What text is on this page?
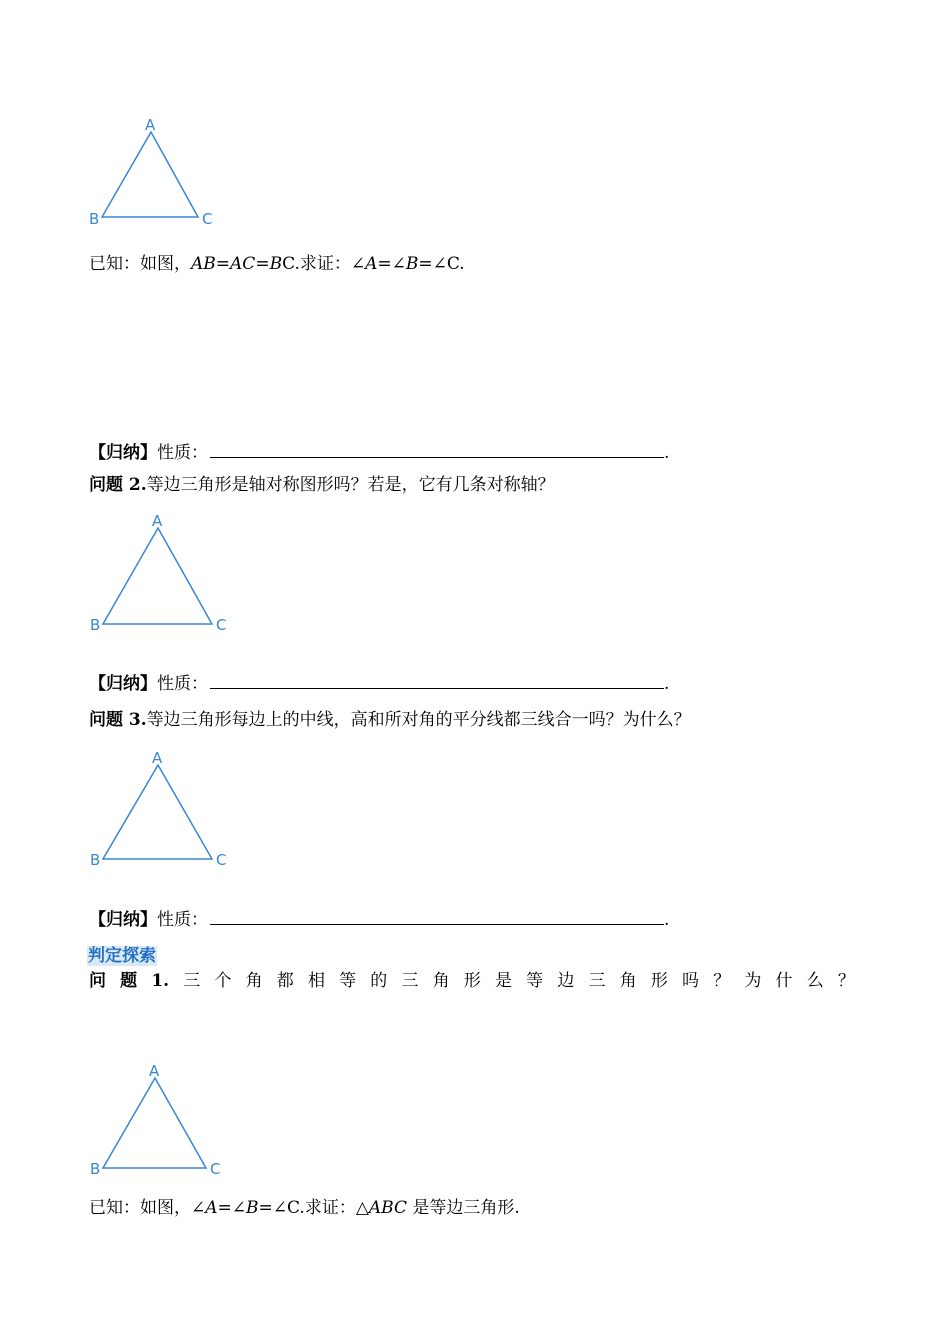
A
B	C
已知：如图，AB=AC=BC.求证：∠A=∠B=∠C.
【归纳】性质：	.
问题 2.等边三角形是轴对称图形吗？若是，它有几条对称轴？
A
B	C
【归纳】性质：	.
问题 3.等边三角形每边上的中线，高和所对角的平分线都三线合一吗？为什么？
A
B	C
【归纳】性质：	.
判定探索
问 题 1. 三 个 角 都 相 等 的 三 角 形 是 等 边 三 角 形 吗 ？ 为 什 么 ？
A
B	C
已知：如图，∠A=∠B=∠C.求证：△ABC 是等边三角形.
